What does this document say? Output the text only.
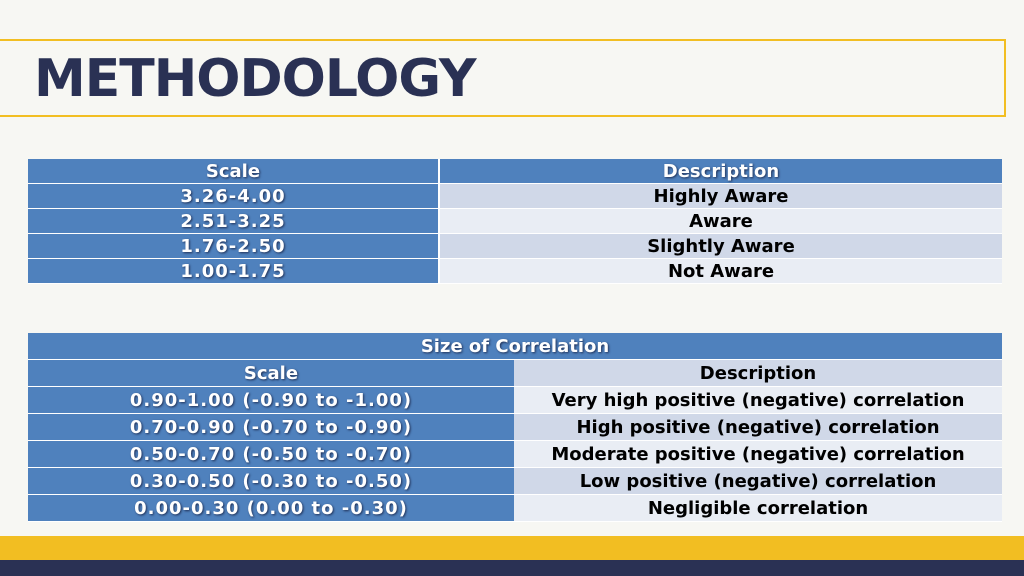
METHODOLOGY
Scale	Description
3.26-4.00	Highly Aware
2.51-3.25	Aware
1.76-2.50	Slightly Aware
1.00-1.75	Not Aware
Size of Correlation	
Scale	Description
0.90-1.00 (-0.90 to -1.00)	Very high positive (negative) correlation
0.70-0.90 (-0.70 to -0.90)	High positive (negative) correlation
0.50-0.70 (-0.50 to -0.70)	Moderate positive (negative) correlation
0.30-0.50 (-0.30 to -0.50)	Low positive (negative) correlation
0.00-0.30 (0.00 to -0.30)	Negligible correlation
